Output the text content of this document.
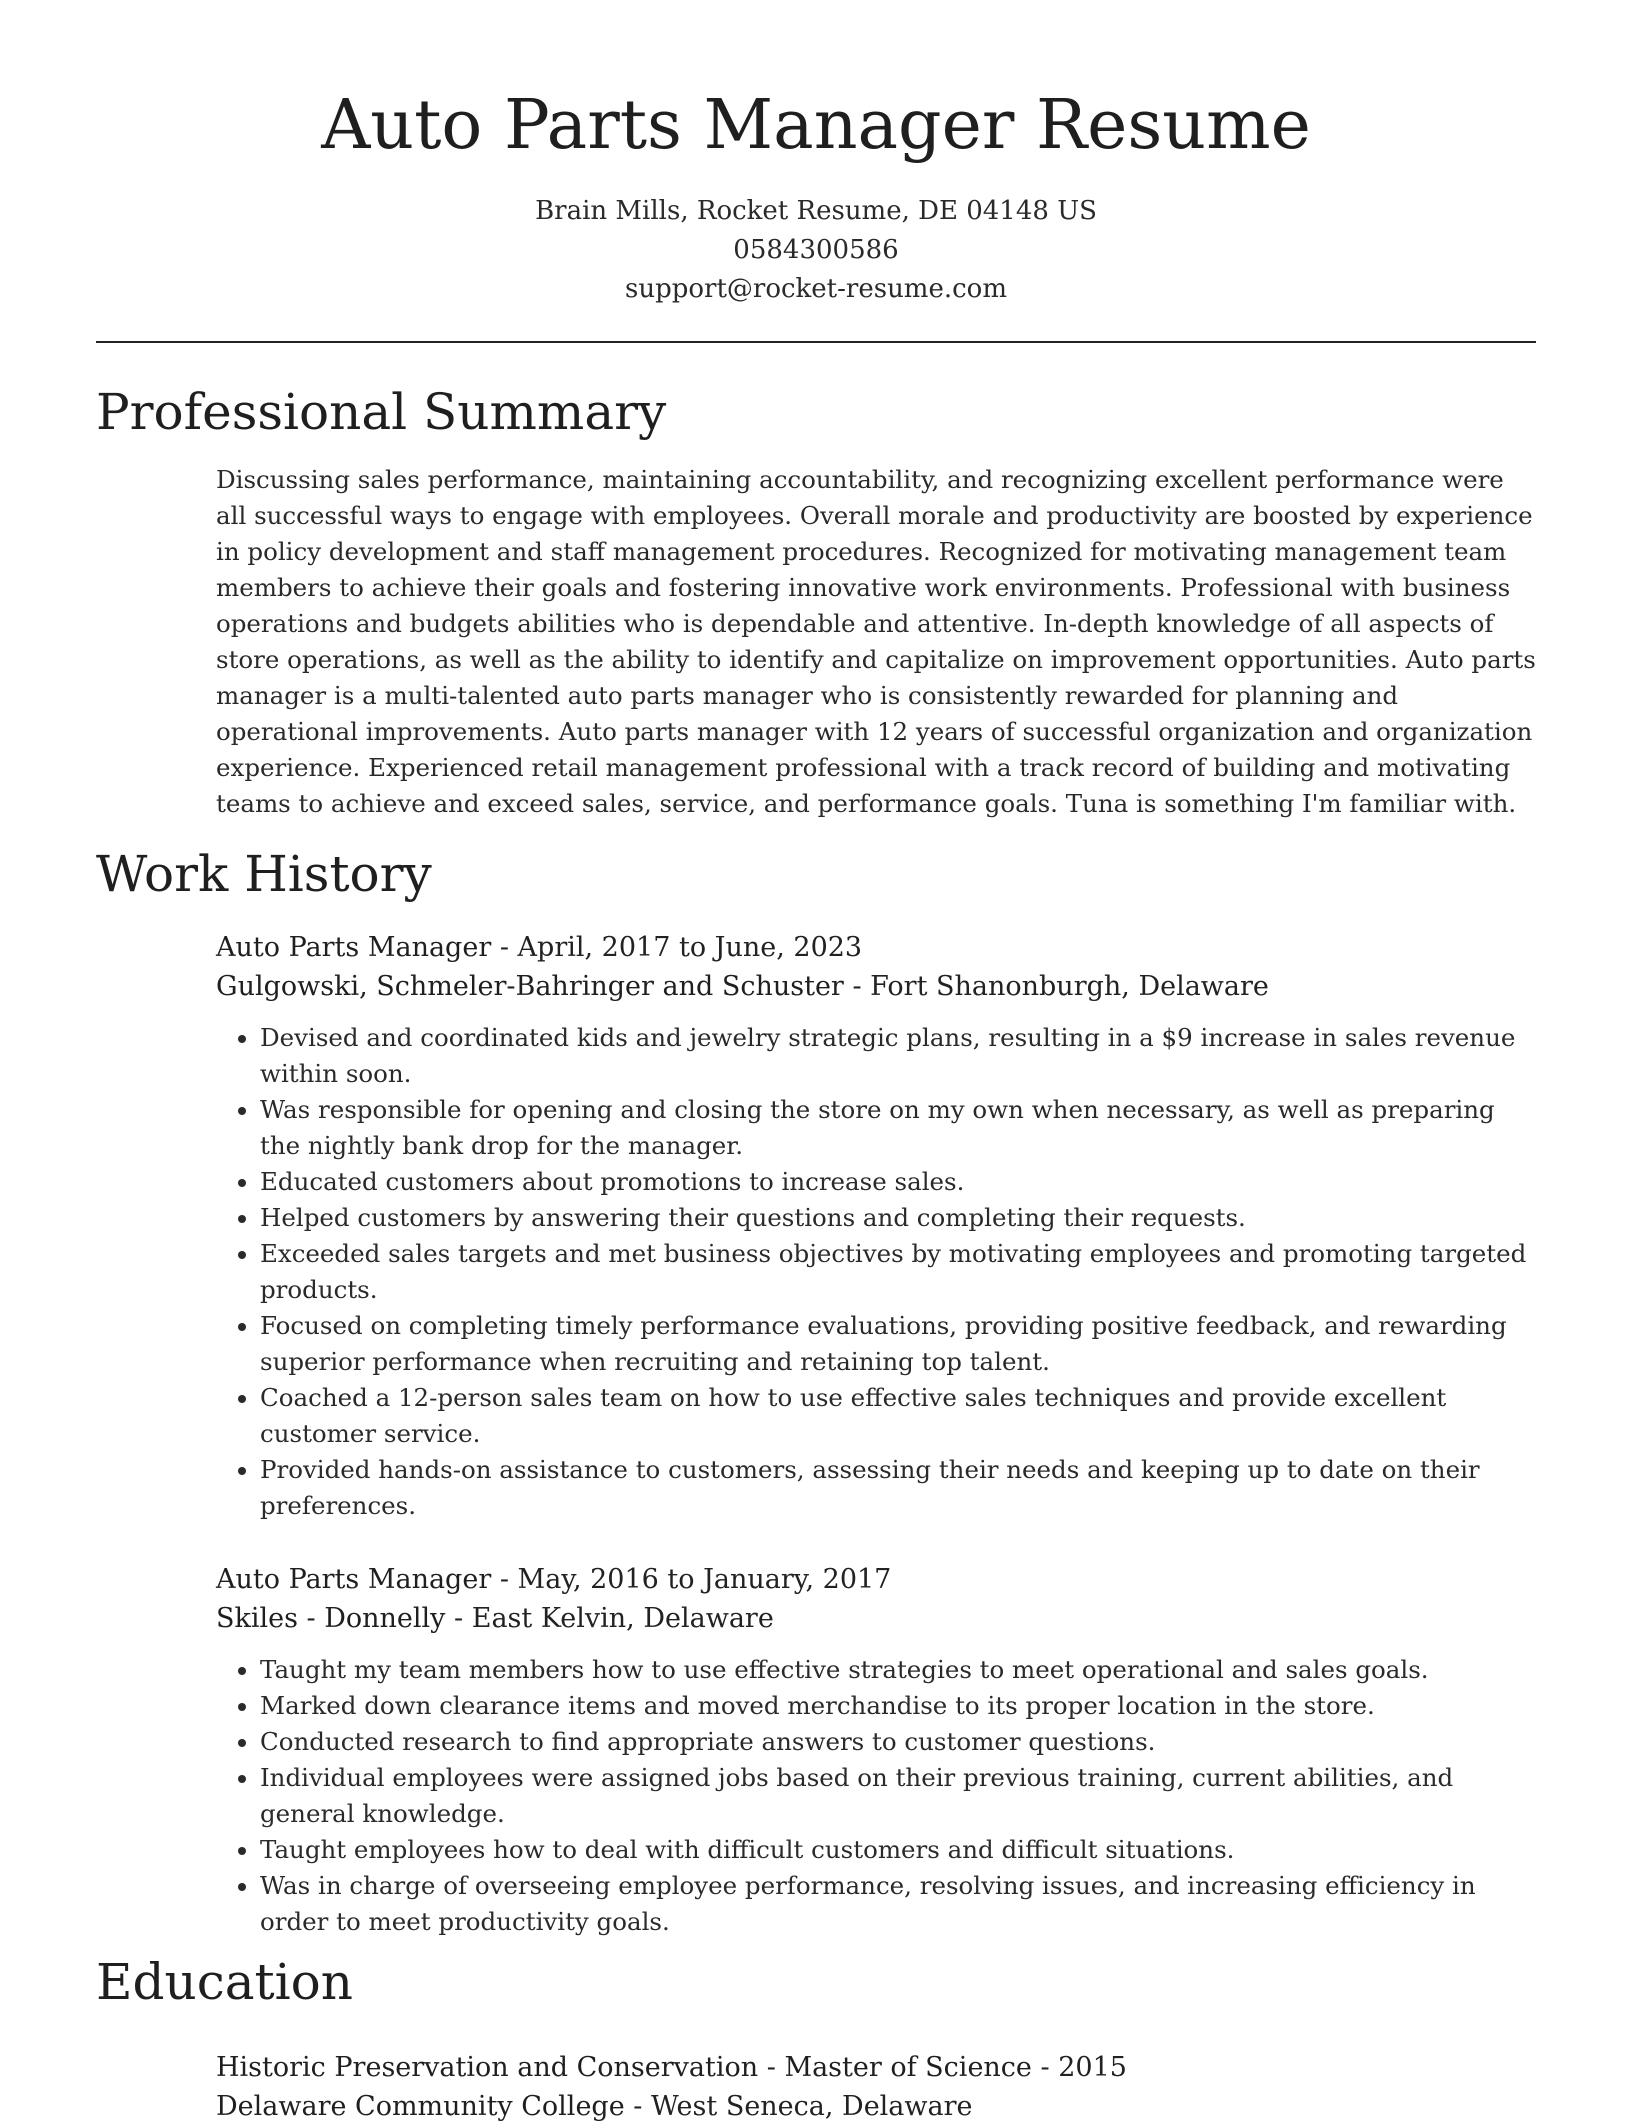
Auto Parts Manager Resume
Brain Mills, Rocket Resume, DE 04148 US
0584300586
support@rocket-resume.com
Professional Summary
Discussing sales performance, maintaining accountability, and recognizing excellent performance were all successful ways to engage with employees. Overall morale and productivity are boosted by experience in policy development and staff management procedures. Recognized for motivating management team members to achieve their goals and fostering innovative work environments. Professional with business operations and budgets abilities who is dependable and attentive. In-depth knowledge of all aspects of store operations, as well as the ability to identify and capitalize on improvement opportunities. Auto parts manager is a multi-talented auto parts manager who is consistently rewarded for planning and operational improvements. Auto parts manager with 12 years of successful organization and organization experience. Experienced retail management professional with a track record of building and motivating teams to achieve and exceed sales, service, and performance goals. Tuna is something I'm familiar with.
Work History
Auto Parts Manager - April, 2017 to June, 2023
Gulgowski, Schmeler-Bahringer and Schuster - Fort Shanonburgh, Delaware
• Devised and coordinated kids and jewelry strategic plans, resulting in a $9 increase in sales revenue within soon.
• Was responsible for opening and closing the store on my own when necessary, as well as preparing the nightly bank drop for the manager.
• Educated customers about promotions to increase sales.
• Helped customers by answering their questions and completing their requests.
• Exceeded sales targets and met business objectives by motivating employees and promoting targeted products.
• Focused on completing timely performance evaluations, providing positive feedback, and rewarding superior performance when recruiting and retaining top talent.
• Coached a 12-person sales team on how to use effective sales techniques and provide excellent customer service.
• Provided hands-on assistance to customers, assessing their needs and keeping up to date on their preferences.
Auto Parts Manager - May, 2016 to January, 2017
Skiles - Donnelly - East Kelvin, Delaware
• Taught my team members how to use effective strategies to meet operational and sales goals.
• Marked down clearance items and moved merchandise to its proper location in the store.
• Conducted research to find appropriate answers to customer questions.
• Individual employees were assigned jobs based on their previous training, current abilities, and general knowledge.
• Taught employees how to deal with difficult customers and difficult situations.
• Was in charge of overseeing employee performance, resolving issues, and increasing efficiency in order to meet productivity goals.
Education
Historic Preservation and Conservation - Master of Science - 2015
Delaware Community College - West Seneca, Delaware
